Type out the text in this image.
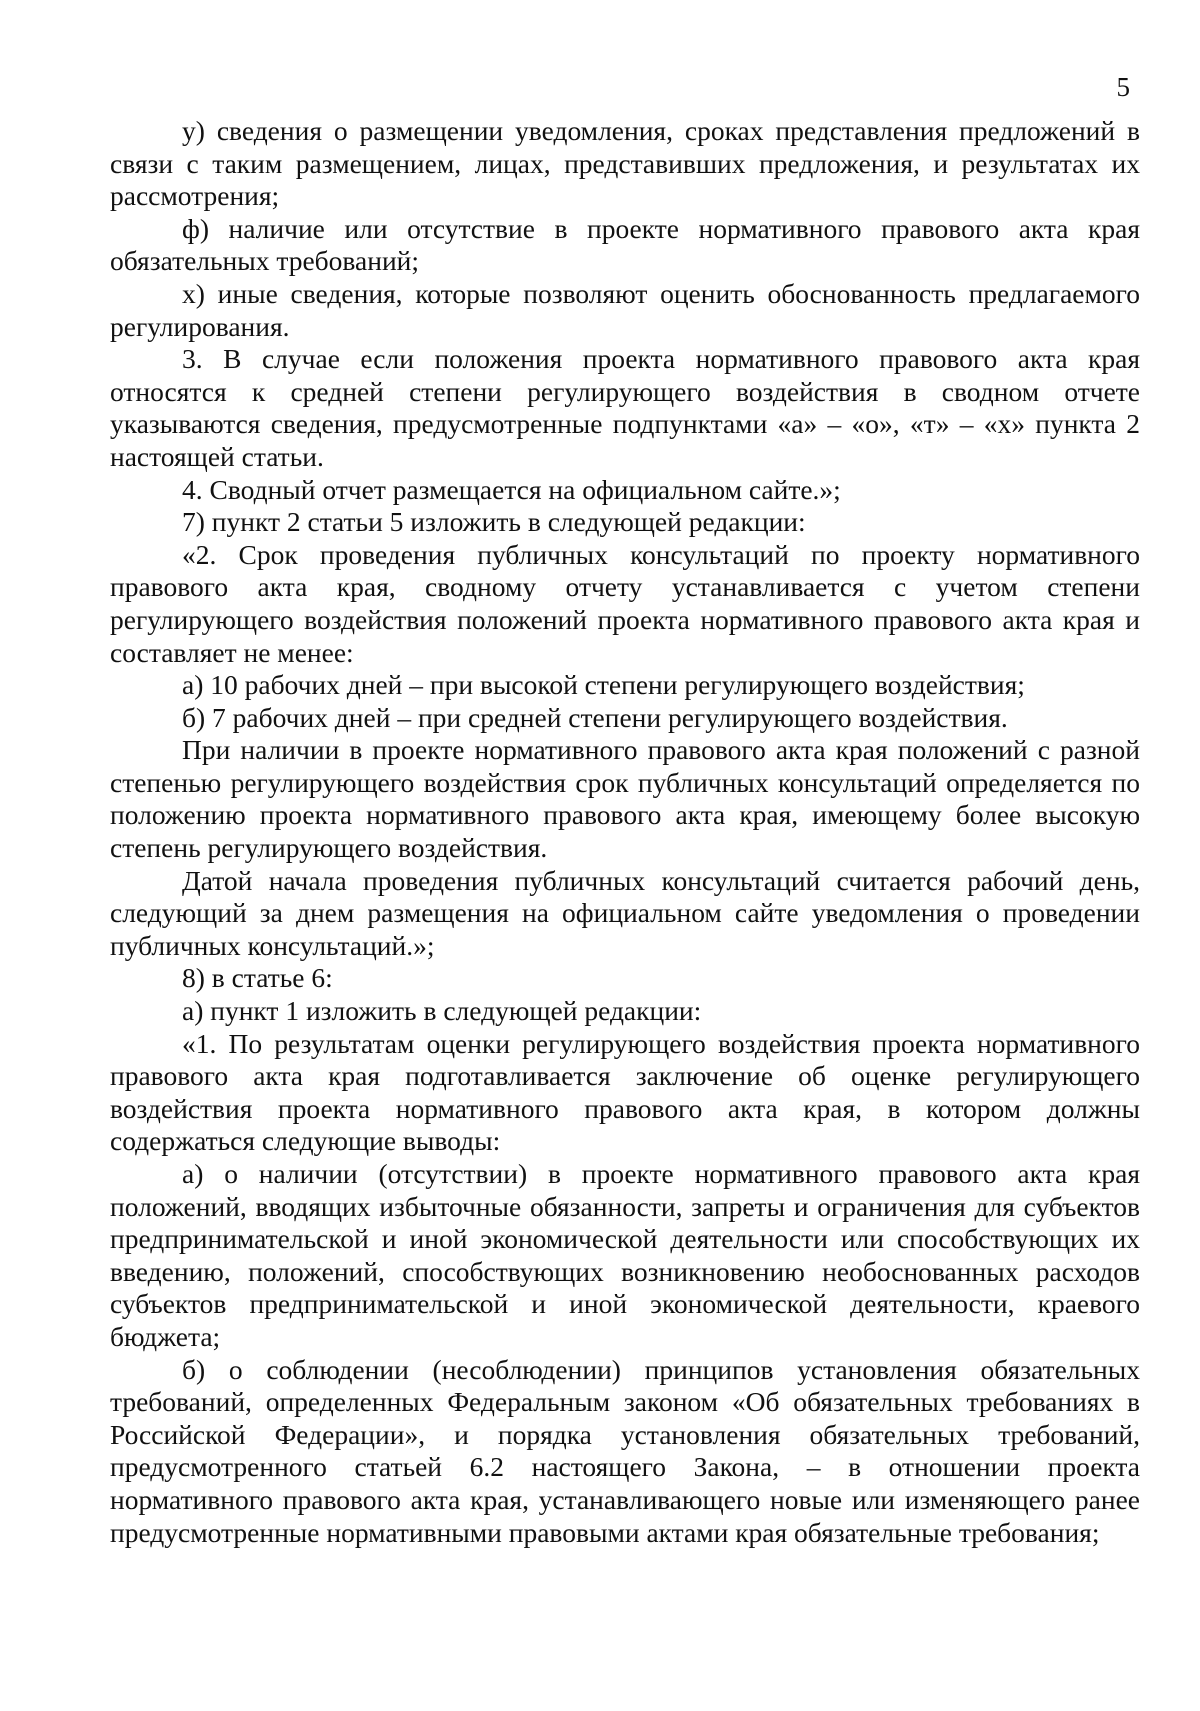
5

у) сведения о размещении уведомления, сроках представления предложений в связи с таким размещением, лицах, представивших предложения, и результатах их рассмотрения;

ф) наличие или отсутствие в проекте нормативного правового акта края обязательных требований;

х) иные сведения, которые позволяют оценить обоснованность предлагаемого регулирования.

3. В случае если положения проекта нормативного правового акта края относятся к средней степени регулирующего воздействия в сводном отчете указываются сведения, предусмотренные подпунктами «а» – «о», «т» – «х» пункта 2 настоящей статьи.

4. Сводный отчет размещается на официальном сайте.»;

7) пункт 2 статьи 5 изложить в следующей редакции:

«2. Срок проведения публичных консультаций по проекту нормативного правового акта края, сводному отчету устанавливается с учетом степени регулирующего воздействия положений проекта нормативного правового акта края и составляет не менее:

а) 10 рабочих дней – при высокой степени регулирующего воздействия;

б) 7 рабочих дней – при средней степени регулирующего воздействия.

При наличии в проекте нормативного правового акта края положений с разной степенью регулирующего воздействия срок публичных консультаций определяется по положению проекта нормативного правового акта края, имеющему более высокую степень регулирующего воздействия.

Датой начала проведения публичных консультаций считается рабочий день, следующий за днем размещения на официальном сайте уведомления о проведении публичных консультаций.»;

8) в статье 6:

а) пункт 1 изложить в следующей редакции:

«1. По результатам оценки регулирующего воздействия проекта нормативного правового акта края подготавливается заключение об оценке регулирующего воздействия проекта нормативного правового акта края, в котором должны содержаться следующие выводы:

а) о наличии (отсутствии) в проекте нормативного правового акта края положений, вводящих избыточные обязанности, запреты и ограничения для субъектов предпринимательской и иной экономической деятельности или способствующих их введению, положений, способствующих возникновению необоснованных расходов субъектов предпринимательской и иной экономической деятельности, краевого бюджета;

б) о соблюдении (несоблюдении) принципов установления обязательных требований, определенных Федеральным законом «Об обязательных требованиях в Российской Федерации», и порядка установления обязательных требований, предусмотренного статьей 6.2 настоящего Закона, – в отношении проекта нормативного правового акта края, устанавливающего новые или изменяющего ранее предусмотренные нормативными правовыми актами края обязательные требования;
